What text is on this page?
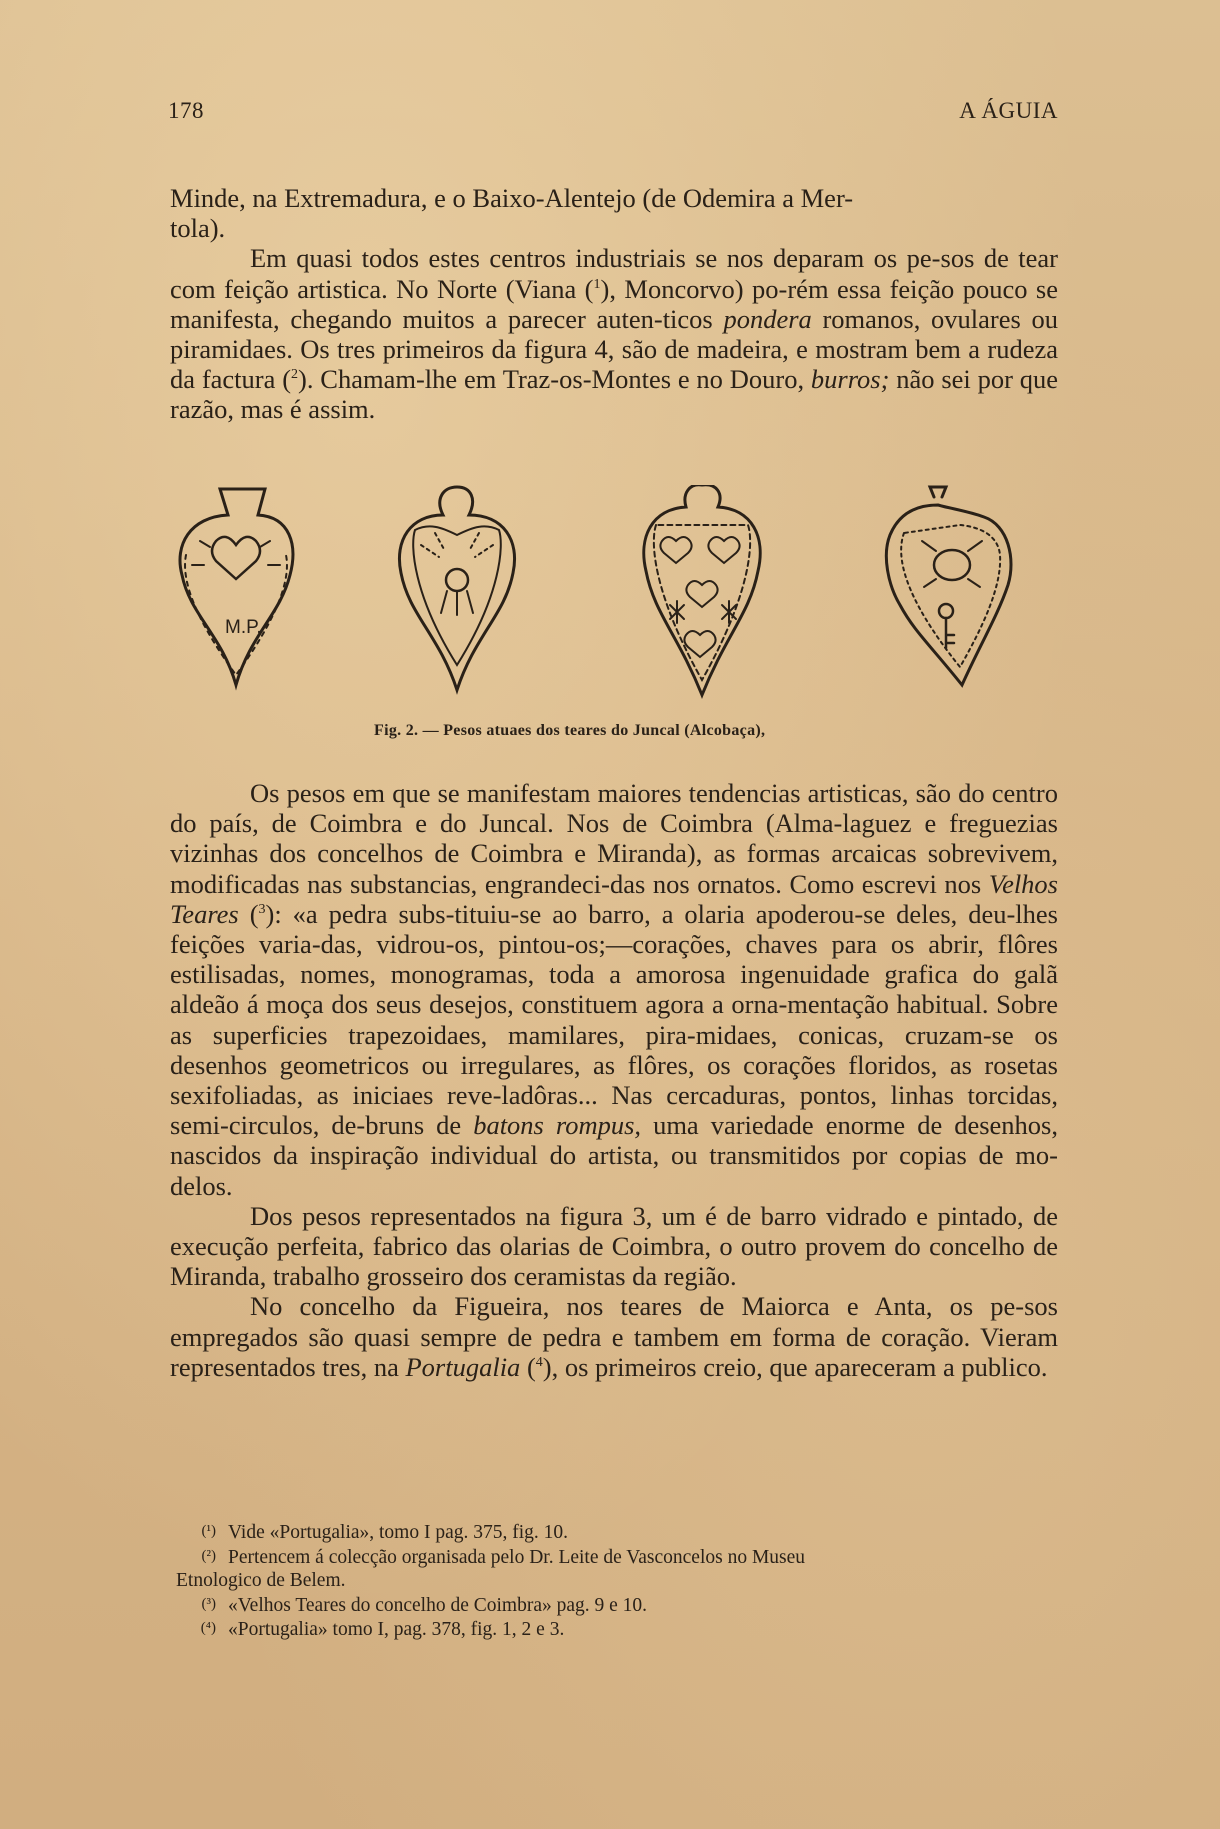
178	A ÁGUIA

Minde, na Extremadura, e o Baixo-Alentejo (de Odemira a Mer-
tola).

Em quasi todos estes centros industriais se nos deparam os pe-sos de tear com feição artistica. No Norte (Viana ($^1$), Moncorvo) po-rém essa feição pouco se manifesta, chegando muitos a parecer auten-ticos pondera romanos, ovulares ou piramidaes. Os tres primeiros da figura 4, são de madeira, e mostram bem a rudeza da factura ($^2$). Chamam-lhe em Traz-os-Montes e no Douro, burros; não sei por que razão, mas é assim.

M.P.
Fig. 2. — Pesos atuaes dos teares do Juncal (Alcobaça),

Os pesos em que se manifestam maiores tendencias artisticas, são do centro do país, de Coimbra e do Juncal. Nos de Coimbra (Alma-laguez e freguezias vizinhas dos concelhos de Coimbra e Miranda), as formas arcaicas sobrevivem, modificadas nas substancias, engrandeci-das nos ornatos. Como escrevi nos Velhos Teares ($^3$): «a pedra subs-tituiu-se ao barro, a olaria apoderou-se deles, deu-lhes feições varia-das, vidrou-os, pintou-os;—corações, chaves para os abrir, flôres estilisadas, nomes, monogramas, toda a amorosa ingenuidade grafica do galã aldeão á moça dos seus desejos, constituem agora a orna-mentação habitual. Sobre as superficies trapezoidaes, mamilares, pira-midaes, conicas, cruzam-se os desenhos geometricos ou irregulares, as flôres, os corações floridos, as rosetas sexifoliadas, as iniciaes reve-ladôras... Nas cercaduras, pontos, linhas torcidas, semi-circulos, de-bruns de batons rompus, uma variedade enorme de desenhos, nascidos da inspiração individual do artista, ou transmitidos por copias de mo-delos.

Dos pesos representados na figura 3, um é de barro vidrado e pintado, de execução perfeita, fabrico das olarias de Coimbra, o outro provem do concelho de Miranda, trabalho grosseiro dos ceramistas da região.

No concelho da Figueira, nos teares de Maiorca e Anta, os pe-sos empregados são quasi sempre de pedra e tambem em forma de coração. Vieram representados tres, na Portugalia ($^4$), os primeiros creio, que apareceram a publico.

(¹) Vide «Portugalia», tomo I pag. 375, fig. 10.

(²) Pertencem á colecção organisada pelo Dr. Leite de Vasconcelos no Museu

Etnologico de Belem.

(³) «Velhos Teares do concelho de Coimbra» pag. 9 e 10.

(⁴) «Portugalia» tomo I, pag. 378, fig. 1, 2 e 3.
